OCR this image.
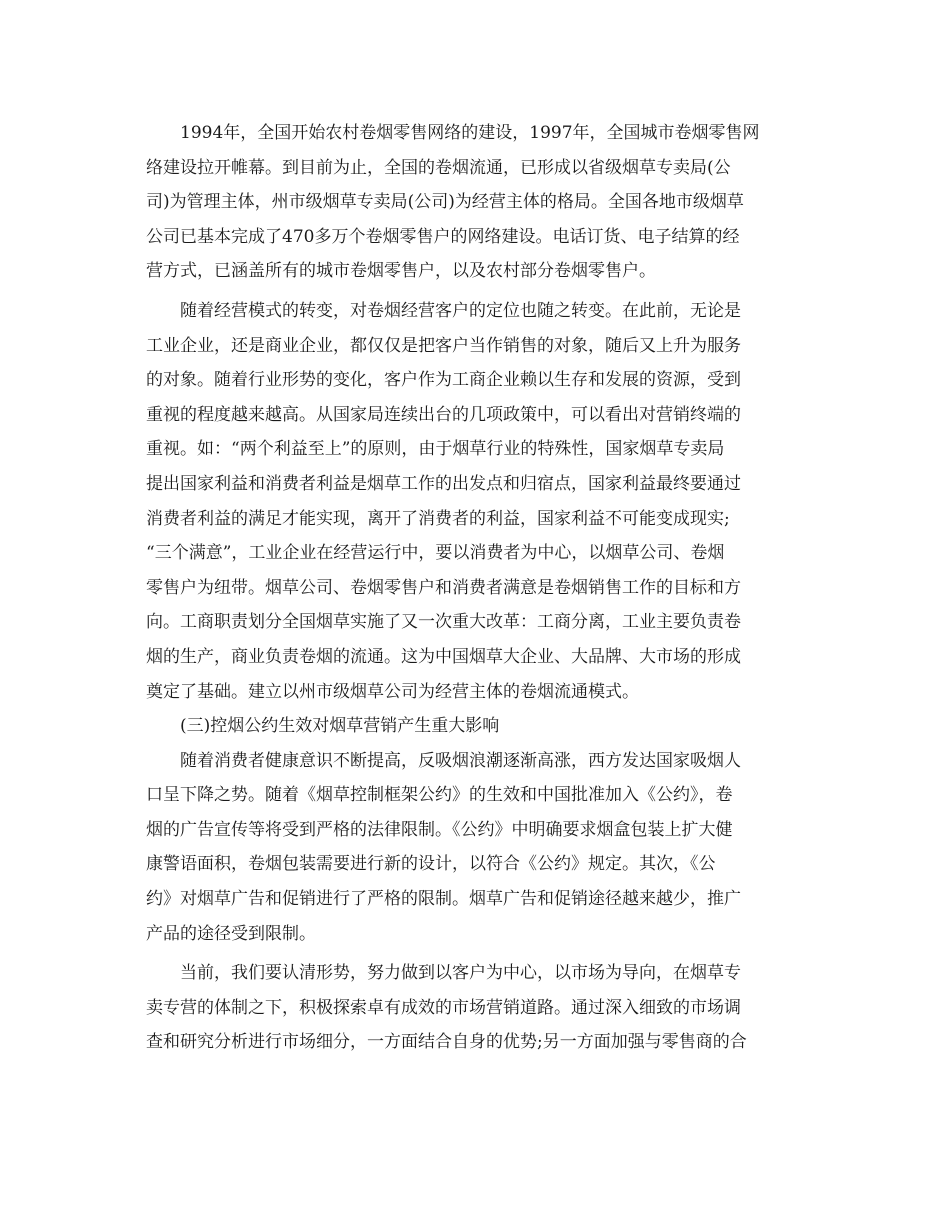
1994年，全国开始农村卷烟零售网络的建设，1997年，全国城市卷烟零售网
络建设拉开帷幕。到目前为止，全国的卷烟流通，已形成以省级烟草专卖局(公
司)为管理主体，州市级烟草专卖局(公司)为经营主体的格局。全国各地市级烟草
公司已基本完成了470多万个卷烟零售户的网络建设。电话订货、电子结算的经
营方式，已涵盖所有的城市卷烟零售户，以及农村部分卷烟零售户。
随着经营模式的转变，对卷烟经营客户的定位也随之转变。在此前，无论是
工业企业，还是商业企业，都仅仅是把客户当作销售的对象，随后又上升为服务
的对象。随着行业形势的变化，客户作为工商企业赖以生存和发展的资源，受到
重视的程度越来越高。从国家局连续出台的几项政策中，可以看出对营销终端的
重视。如：“两个利益至上”的原则，由于烟草行业的特殊性，国家烟草专卖局
提出国家利益和消费者利益是烟草工作的出发点和归宿点，国家利益最终要通过
消费者利益的满足才能实现，离开了消费者的利益，国家利益不可能变成现实;
“三个满意”，工业企业在经营运行中，要以消费者为中心，以烟草公司、卷烟
零售户为纽带。烟草公司、卷烟零售户和消费者满意是卷烟销售工作的目标和方
向。工商职责划分全国烟草实施了又一次重大改革：工商分离，工业主要负责卷
烟的生产，商业负责卷烟的流通。这为中国烟草大企业、大品牌、大市场的形成
奠定了基础。建立以州市级烟草公司为经营主体的卷烟流通模式。
(三)控烟公约生效对烟草营销产生重大影响
随着消费者健康意识不断提高，反吸烟浪潮逐渐高涨，西方发达国家吸烟人
口呈下降之势。随着《烟草控制框架公约》的生效和中国批准加入《公约》，卷
烟的广告宣传等将受到严格的法律限制。《公约》中明确要求烟盒包装上扩大健
康警语面积，卷烟包装需要进行新的设计，以符合《公约》规定。其次，《公
约》对烟草广告和促销进行了严格的限制。烟草广告和促销途径越来越少，推广
产品的途径受到限制。
当前，我们要认清形势，努力做到以客户为中心，以市场为导向，在烟草专
卖专营的体制之下，积极探索卓有成效的市场营销道路。通过深入细致的市场调
查和研究分析进行市场细分，一方面结合自身的优势;另一方面加强与零售商的合
